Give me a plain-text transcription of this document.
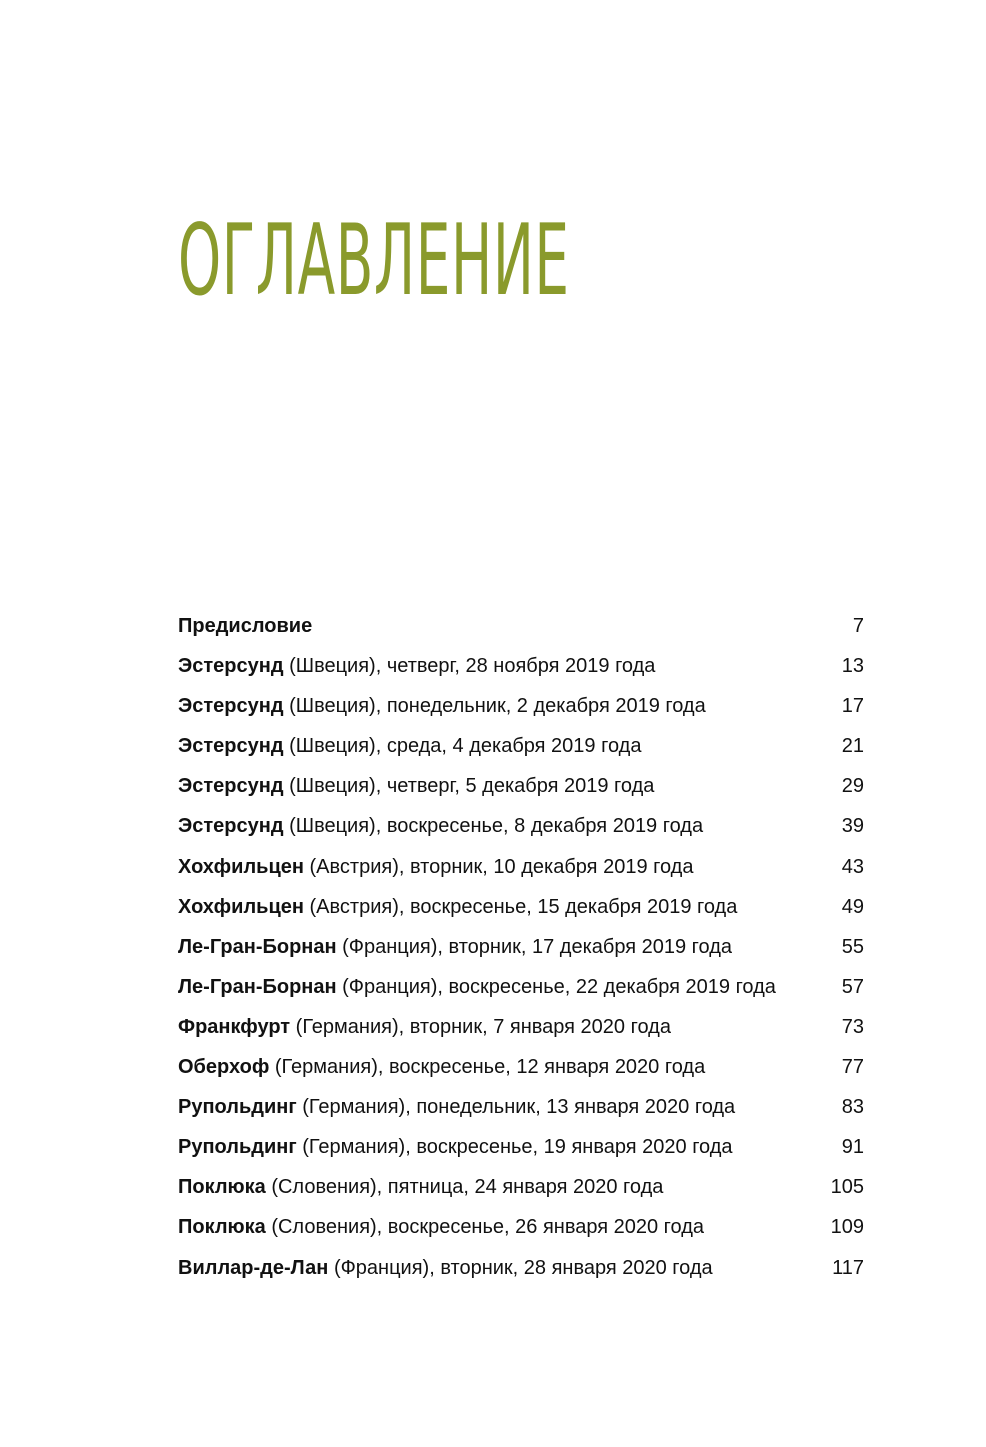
ОГЛАВЛЕНИЕ
Предисловие	7
Эстерсунд (Швеция), четверг, 28 ноября 2019 года	13
Эстерсунд (Швеция), понедельник, 2 декабря 2019 года	17
Эстерсунд (Швеция), среда, 4 декабря 2019 года	21
Эстерсунд (Швеция), четверг, 5 декабря 2019 года	29
Эстерсунд (Швеция), воскресенье, 8 декабря 2019 года	39
Хохфильцен (Австрия), вторник, 10 декабря 2019 года	43
Хохфильцен (Австрия), воскресенье, 15 декабря 2019 года	49
Ле-Гран-Борнан (Франция), вторник, 17 декабря 2019 года	55
Ле-Гран-Борнан (Франция), воскресенье, 22 декабря 2019 года	57
Франкфурт (Германия), вторник, 7 января 2020 года	73
Оберхоф (Германия), воскресенье, 12 января 2020 года	77
Рупольдинг (Германия), понедельник, 13 января 2020 года	83
Рупольдинг (Германия), воскресенье, 19 января 2020 года	91
Поклюка (Словения), пятница, 24 января 2020 года	105
Поклюка (Словения), воскресенье, 26 января 2020 года	109
Виллар-де-Лан (Франция), вторник, 28 января 2020 года	117
